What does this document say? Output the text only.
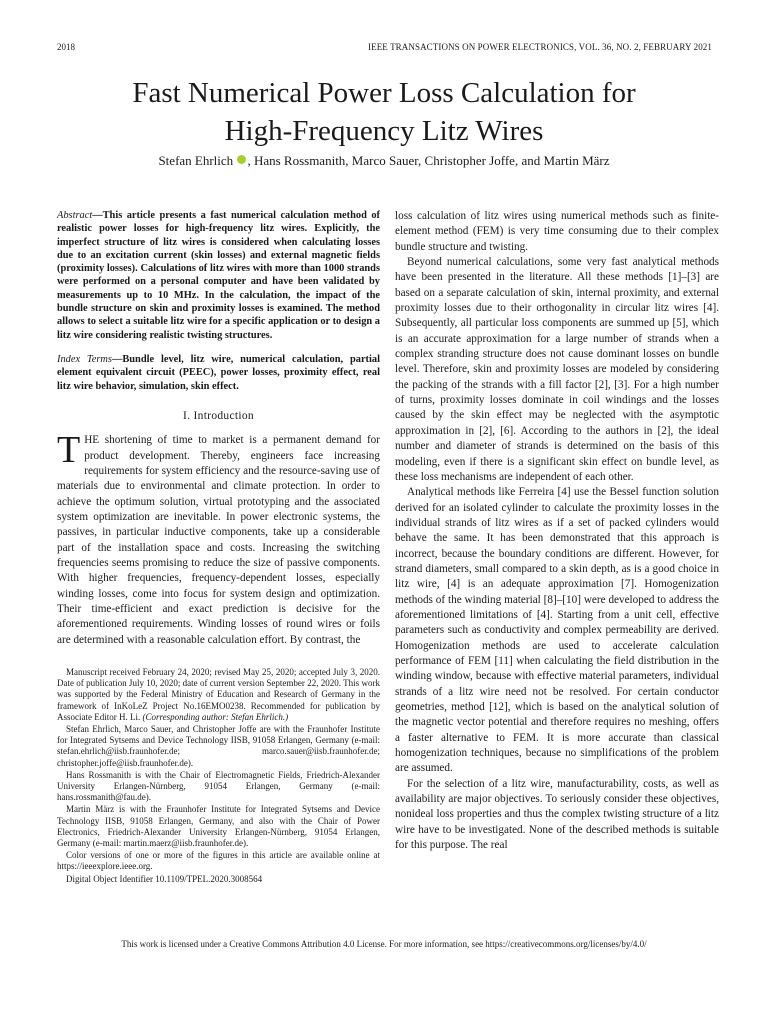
2018	IEEE TRANSACTIONS ON POWER ELECTRONICS, VOL. 36, NO. 2, FEBRUARY 2021
Fast Numerical Power Loss Calculation for
High-Frequency Litz Wires
Stefan Ehrlich , Hans Rossmanith, Marco Sauer, Christopher Joffe, and Martin März

Abstract—This article presents a fast numerical calculation method of realistic power losses for high-frequency litz wires. Explicitly, the imperfect structure of litz wires is considered when calculating losses due to an excitation current (skin losses) and external magnetic fields (proximity losses). Calculations of litz wires with more than 1000 strands were performed on a personal computer and have been validated by measurements up to 10 MHz. In the calculation, the impact of the bundle structure on skin and proximity losses is examined. The method allows to select a suitable litz wire for a specific application or to design a litz wire considering realistic twisting structures.

Index Terms—Bundle level, litz wire, numerical calculation, partial element equivalent circuit (PEEC), power losses, proximity effect, real litz wire behavior, simulation, skin effect.

I. Introduction

THE shortening of time to market is a permanent demand for product development. Thereby, engineers face increasing requirements for system efficiency and the resource-saving use of materials due to environmental and climate protection. In order to achieve the optimum solution, virtual prototyping and the associated system optimization are inevitable. In power electronic systems, the passives, in particular inductive components, take up a considerable part of the installation space and costs. Increasing the switching frequencies seems promising to reduce the size of passive components. With higher frequencies, frequency-dependent losses, especially winding losses, come into focus for system design and optimization. Their time-efficient and exact prediction is decisive for the aforementioned requirements. Winding losses of round wires or foils are determined with a reasonable calculation effort. By contrast, the

Manuscript received February 24, 2020; revised May 25, 2020; accepted July 3, 2020. Date of publication July 10, 2020; date of current version September 22, 2020. This work was supported by the Federal Ministry of Education and Research of Germany in the framework of InKoLeZ Project No.16EMO0238. Recommended for publication by Associate Editor H. Li. (Corresponding author: Stefan Ehrlich.)

Stefan Ehrlich, Marco Sauer, and Christopher Joffe are with the Fraunhofer Institute for Integrated Sytsems and Device Technology IISB, 91058 Erlangen, Germany (e-mail: stefan.ehrlich@iisb.fraunhofer.de; marco.sauer@iisb.fraunhofer.de; christopher.joffe@iisb.fraunhofer.de).

Hans Rossmanith is with the Chair of Electromagnetic Fields, Friedrich-Alexander University Erlangen-Nürnberg, 91054 Erlangen, Germany (e-mail: hans.rossmanith@fau.de).

Martin März is with the Fraunhofer Institute for Integrated Sytsems and Device Technology IISB, 91058 Erlangen, Germany, and also with the Chair of Power Electronics, Friedrich-Alexander University Erlangen-Nürnberg, 91054 Erlangen, Germany (e-mail: martin.maerz@iisb.fraunhofer.de).

Color versions of one or more of the figures in this article are available online at https://ieeexplore.ieee.org.

Digital Object Identifier 10.1109/TPEL.2020.3008564

loss calculation of litz wires using numerical methods such as finite-element method (FEM) is very time consuming due to their complex bundle structure and twisting.

Beyond numerical calculations, some very fast analytical methods have been presented in the literature. All these methods [1]–[3] are based on a separate calculation of skin, internal proximity, and external proximity losses due to their orthogonality in circular litz wires [4]. Subsequently, all particular loss components are summed up [5], which is an accurate approximation for a large number of strands when a complex stranding structure does not cause dominant losses on bundle level. Therefore, skin and proximity losses are modeled by considering the packing of the strands with a fill factor [2], [3]. For a high number of turns, proximity losses dominate in coil windings and the losses caused by the skin effect may be neglected with the asymptotic approximation in [2], [6]. According to the authors in [2], the ideal number and diameter of strands is determined on the basis of this modeling, even if there is a significant skin effect on bundle level, as these loss mechanisms are independent of each other.

Analytical methods like Ferreira [4] use the Bessel function solution derived for an isolated cylinder to calculate the proximity losses in the individual strands of litz wires as if a set of packed cylinders would behave the same. It has been demonstrated that this approach is incorrect, because the boundary conditions are different. However, for strand diameters, small compared to a skin depth, as is a good choice in litz wire, [4] is an adequate approximation [7]. Homogenization methods of the winding material [8]–[10] were developed to address the aforementioned limitations of [4]. Starting from a unit cell, effective parameters such as conductivity and complex permeability are derived. Homogenization methods are used to accelerate calculation performance of FEM [11] when calculating the field distribution in the winding window, because with effective material parameters, individual strands of a litz wire need not be resolved. For certain conductor geometries, method [12], which is based on the analytical solution of the magnetic vector potential and therefore requires no meshing, offers a faster alternative to FEM. It is more accurate than classical homogenization techniques, because no simplifications of the problem are assumed.

For the selection of a litz wire, manufacturability, costs, as well as availability are major objectives. To seriously consider these objectives, nonideal loss properties and thus the complex twisting structure of a litz wire have to be investigated. None of the described methods is suitable for this purpose. The real

This work is licensed under a Creative Commons Attribution 4.0 License. For more information, see https://creativecommons.org/licenses/by/4.0/
